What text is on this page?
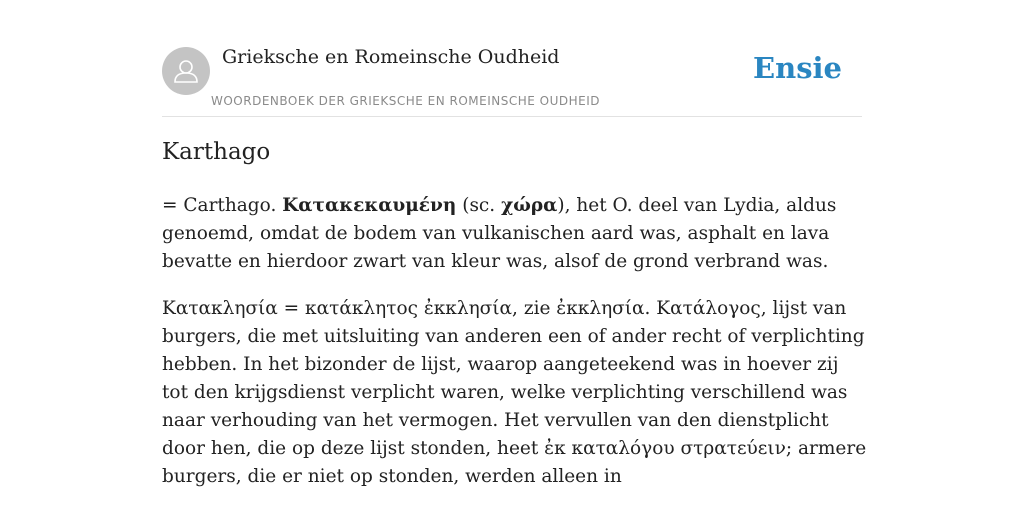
Grieksche en Romeinsche Oudheid
WOORDENBOEK DER GRIEKSCHE EN ROMEINSCHE OUDHEID
Ensie
Karthago

= Carthago. Κατακεκαυμένη (sc. χώρα), het O. deel van Lydia, aldus genoemd, omdat de bodem van vulkanischen aard was, asphalt en lava bevatte en hierdoor zwart van kleur was, alsof de grond verbrand was.

Κατακλησία = κατάκλητος ἐκκλησία, zie ἐκκλησία. Κατάλογος, lijst van burgers, die met uitsluiting van anderen een of ander recht of verplichting hebben. In het bizonder de lijst, waarop aangeteekend was in hoever zij tot den krijgsdienst verplicht waren, welke verplichting verschillend was naar verhouding van het vermogen. Het vervullen van den dienstplicht door hen, die op deze lijst stonden, heet ἐκ καταλόγου στρατεύειν; armere burgers, die er niet op stonden, werden alleen in
